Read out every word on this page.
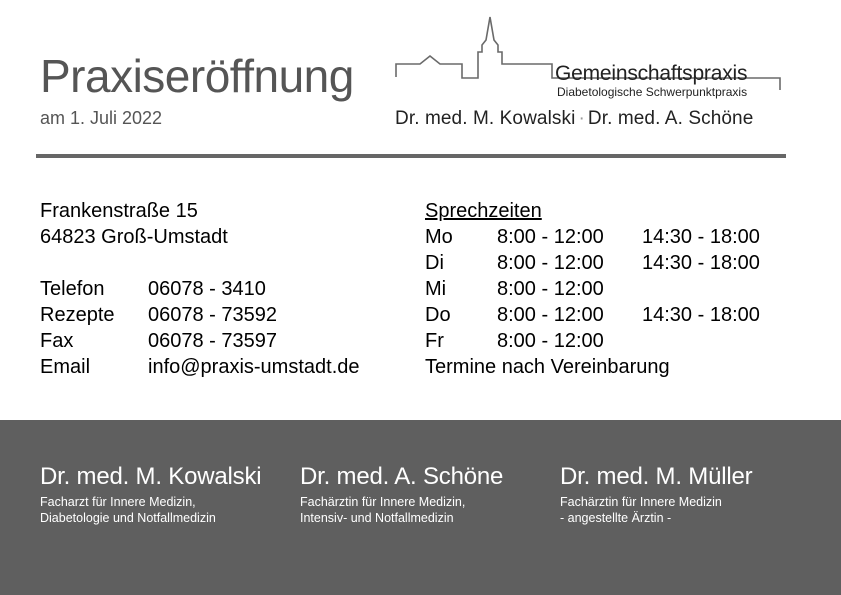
Praxiseröffnung
am 1. Juli 2022
Gemeinschaftspraxis
Diabetologische Schwerpunktpraxis
Dr. med. M. Kowalski · Dr. med. A. Schöne
Frankenstraße 15
64823 Groß-Umstadt
Telefon 06078 - 3410
Rezepte 06078 - 73592
Fax	06078 - 73597
Email	info@praxis-umstadt.de
Sprechzeiten
Mo 8:00 - 12:00 14:30 - 18:00
Di	8:00 - 12:00 14:30 - 18:00
Mi	8:00 - 12:00
Do 8:00 - 12:00 14:30 - 18:00
Fr	8:00 - 12:00
Termine nach Vereinbarung
Dr. med. M. Kowalski
Facharzt für Innere Medizin,
Diabetologie und Notfallmedizin
Dr. med. A. Schöne
Fachärztin für Innere Medizin,
Intensiv- und Notfallmedizin
Dr. med. M. Müller
Fachärztin für Innere Medizin
- angestellte Ärztin -
